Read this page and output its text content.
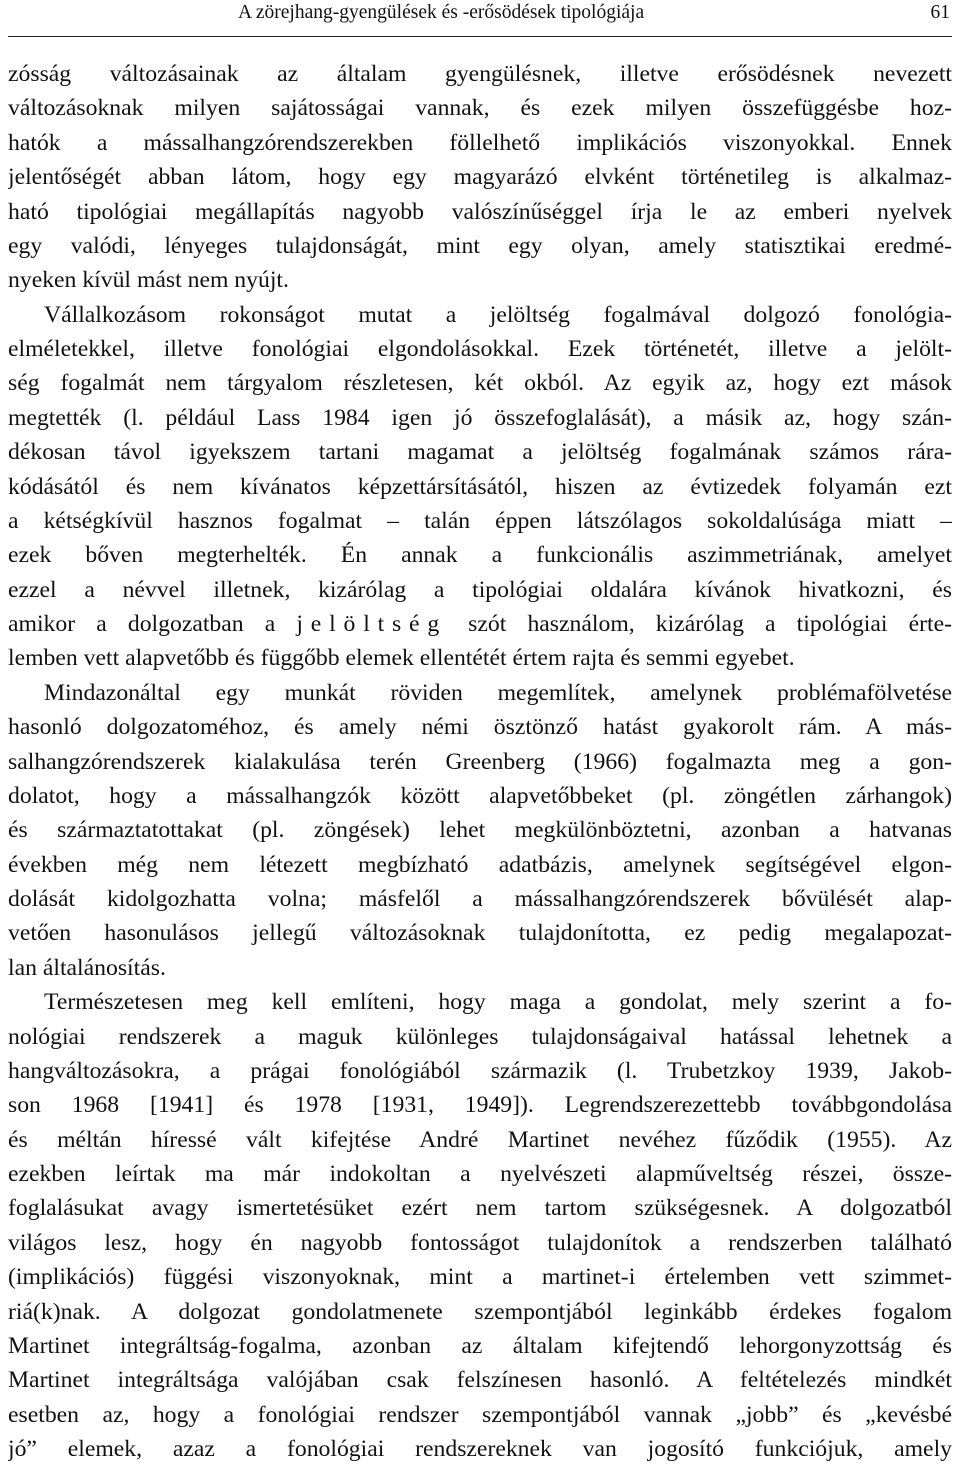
A zörejhang-gyengülések és -erősödések tipológiája	61
zósság változásainak az általam gyengülésnek, illetve erősödésnek nevezett
változásoknak milyen sajátosságai vannak, és ezek milyen összefüggésbe hoz-
hatók a mássalhangzórendszerekben föllelhető implikációs viszonyokkal. Ennek
jelentőségét abban látom, hogy egy magyarázó elvként történetileg is alkalmaz-
ható tipológiai megállapítás nagyobb valószínűséggel írja le az emberi nyelvek
egy valódi, lényeges tulajdonságát, mint egy olyan, amely statisztikai eredmé-
nyeken kívül mást nem nyújt.
Vállalkozásom rokonságot mutat a jelöltség fogalmával dolgozó fonológia-
elméletekkel, illetve fonológiai elgondolásokkal. Ezek történetét, illetve a jelölt-
ség fogalmát nem tárgyalom részletesen, két okból. Az egyik az, hogy ezt mások
megtették (l. például Lass 1984 igen jó összefoglalását), a másik az, hogy szán-
dékosan távol igyekszem tartani magamat a jelöltség fogalmának számos rára-
kódásától és nem kívánatos képzettársításától, hiszen az évtizedek folyamán ezt
a kétségkívül hasznos fogalmat – talán éppen látszólagos sokoldalúsága miatt –
ezek bőven megterhelték. Én annak a funkcionális aszimmetriának, amelyet
ezzel a névvel illetnek, kizárólag a tipológiai oldalára kívánok hivatkozni, és
amikor a dolgozatban a jelöltség szót használom, kizárólag a tipológiai érte-
lemben vett alapvetőbb és függőbb elemek ellentétét értem rajta és semmi egyebet.
Mindazonáltal egy munkát röviden megemlítek, amelynek problémafölvetése
hasonló dolgozatoméhoz, és amely némi ösztönző hatást gyakorolt rám. A más-
salhangzórendszerek kialakulása terén Greenberg (1966) fogalmazta meg a gon-
dolatot, hogy a mássalhangzók között alapvetőbbeket (pl. zöngétlen zárhangok)
és származtatottakat (pl. zöngések) lehet megkülönböztetni, azonban a hatvanas
években még nem létezett megbízható adatbázis, amelynek segítségével elgon-
dolását kidolgozhatta volna; másfelől a mássalhangzórendszerek bővülését alap-
vetően hasonulásos jellegű változásoknak tulajdonította, ez pedig megalapozat-
lan általánosítás.
Természetesen meg kell említeni, hogy maga a gondolat, mely szerint a fo-
nológiai rendszerek a maguk különleges tulajdonságaival hatással lehetnek a
hangváltozásokra, a prágai fonológiából származik (l. Trubetzkoy 1939, Jakob-
son 1968 [1941] és 1978 [1931, 1949]). Legrendszerezettebb továbbgondolása
és méltán híressé vált kifejtése André Martinet nevéhez fűződik (1955). Az
ezekben leírtak ma már indokoltan a nyelvészeti alapműveltség részei, össze-
foglalásukat avagy ismertetésüket ezért nem tartom szükségesnek. A dolgozatból
világos lesz, hogy én nagyobb fontosságot tulajdonítok a rendszerben található
(implikációs) függési viszonyoknak, mint a martinet-i értelemben vett szimmet-
riá(k)nak. A dolgozat gondolatmenete szempontjából leginkább érdekes fogalom
Martinet integráltság-fogalma, azonban az általam kifejtendő lehorgonyzottság és
Martinet integráltsága valójában csak felszínesen hasonló. A feltételezés mindkét
esetben az, hogy a fonológiai rendszer szempontjából vannak „jobb” és „kevésbé
jó” elemek, azaz a fonológiai rendszereknek van jogosító funkciójuk, amely
